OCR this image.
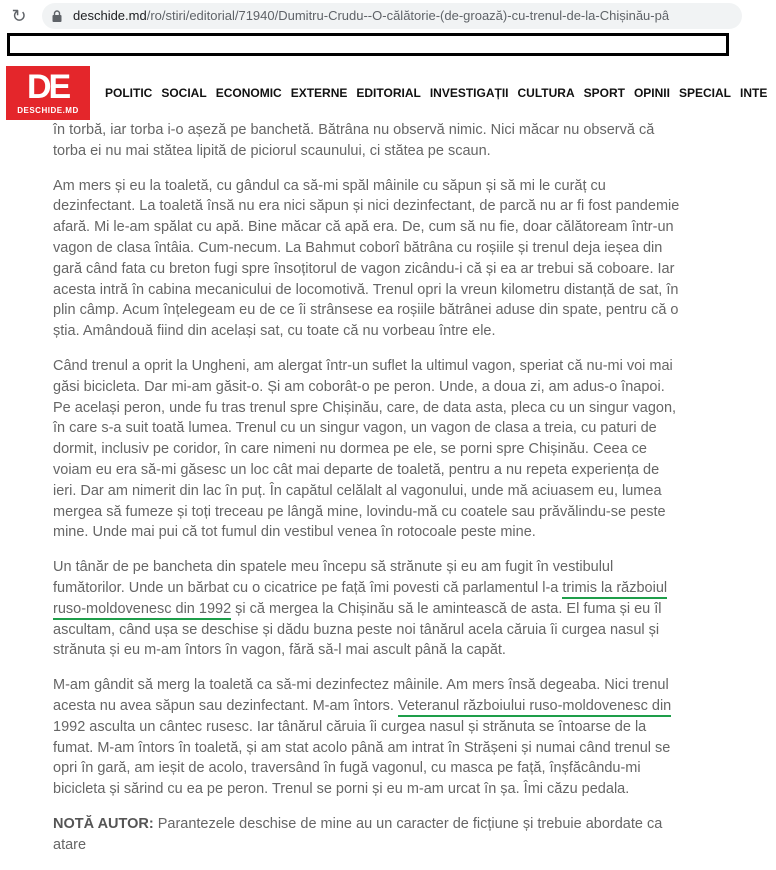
↻	deschide.md/ro/stiri/editorial/71940/Dumitru-Crudu--O-călătorie-(de-groază)-cu-trenul-de-la-Chișinău-pâ
DE
DESCHIDE.MD
POLITIC SOCIAL ECONOMIC EXTERNE EDITORIAL INVESTIGAȚII CULTURA SPORT OPINII SPECIAL INTE

în torbă, iar torba i-o așeză pe banchetă. Bătrâna nu observă nimic. Nici măcar nu observă că torba ei nu mai stătea lipită de piciorul scaunului, ci stătea pe scaun.

Am mers și eu la toaletă, cu gândul ca să-mi spăl mâinile cu săpun și să mi le curăț cu dezinfectant. La toaletă însă nu era nici săpun și nici dezinfectant, de parcă nu ar fi fost pandemie afară. Mi le-am spălat cu apă. Bine măcar că apă era. De, cum să nu fie, doar călătoream într-un vagon de clasa întâia. Cum-necum. La Bahmut coborî bătrâna cu roșiile și trenul deja ieșea din gară când fata cu breton fugi spre însoțitorul de vagon zicându-i că și ea ar trebui să coboare. Iar acesta intră în cabina mecanicului de locomotivă. Trenul opri la vreun kilometru distanță de sat, în plin câmp. Acum înțelegeam eu de ce îi strânsese ea roșiile bătrânei aduse din spate, pentru că o știa. Amândouă fiind din același sat, cu toate că nu vorbeau între ele.

Când trenul a oprit la Ungheni, am alergat într-un suflet la ultimul vagon, speriat că nu-mi voi mai găsi bicicleta. Dar mi-am găsit-o. Și am coborât-o pe peron. Unde, a doua zi, am adus-o înapoi. Pe același peron, unde fu tras trenul spre Chișinău, care, de data asta, pleca cu un singur vagon, în care s-a suit toată lumea. Trenul cu un singur vagon, un vagon de clasa a treia, cu paturi de dormit, inclusiv pe coridor, în care nimeni nu dormea pe ele, se porni spre Chișinău. Ceea ce voiam eu era să-mi găsesc un loc cât mai departe de toaletă, pentru a nu repeta experiența de ieri. Dar am nimerit din lac în puț. În capătul celălalt al vagonului, unde mă aciuasem eu, lumea mergea să fumeze și toți treceau pe lângă mine, lovindu-mă cu coatele sau prăvălindu-se peste mine. Unde mai pui că tot fumul din vestibul venea în rotocoale peste mine.

Un tânăr de pe bancheta din spatele meu începu să strănute și eu am fugit în vestibulul fumătorilor. Unde un bărbat cu o cicatrice pe față îmi povesti că parlamentul l-a trimis la războiul ruso-moldovenesc din 1992 și că mergea la Chișinău să le amintească de asta. El fuma și eu îl ascultam, când ușa se deschise și dădu buzna peste noi tânărul acela căruia îi curgea nasul și strănuta și eu m-am întors în vagon, fără să-l mai ascult până la capăt.

M-am gândit să merg la toaletă ca să-mi dezinfectez mâinile. Am mers însă degeaba. Nici trenul acesta nu avea săpun sau dezinfectant. M-am întors. Veteranul războiului ruso-moldovenesc din 1992 asculta un cântec rusesc. Iar tânărul căruia îi curgea nasul și strănuta se întoarse de la fumat. M-am întors în toaletă, și am stat acolo până am intrat în Strășeni și numai când trenul se opri în gară, am ieșit de acolo, traversând în fugă vagonul, cu masca pe față, înșfăcându-mi bicicleta și sărind cu ea pe peron. Trenul se porni și eu m-am urcat în șa. Îmi căzu pedala.

NOTĂ AUTOR: Parantezele deschise de mine au un caracter de ficțiune și trebuie abordate ca atare
